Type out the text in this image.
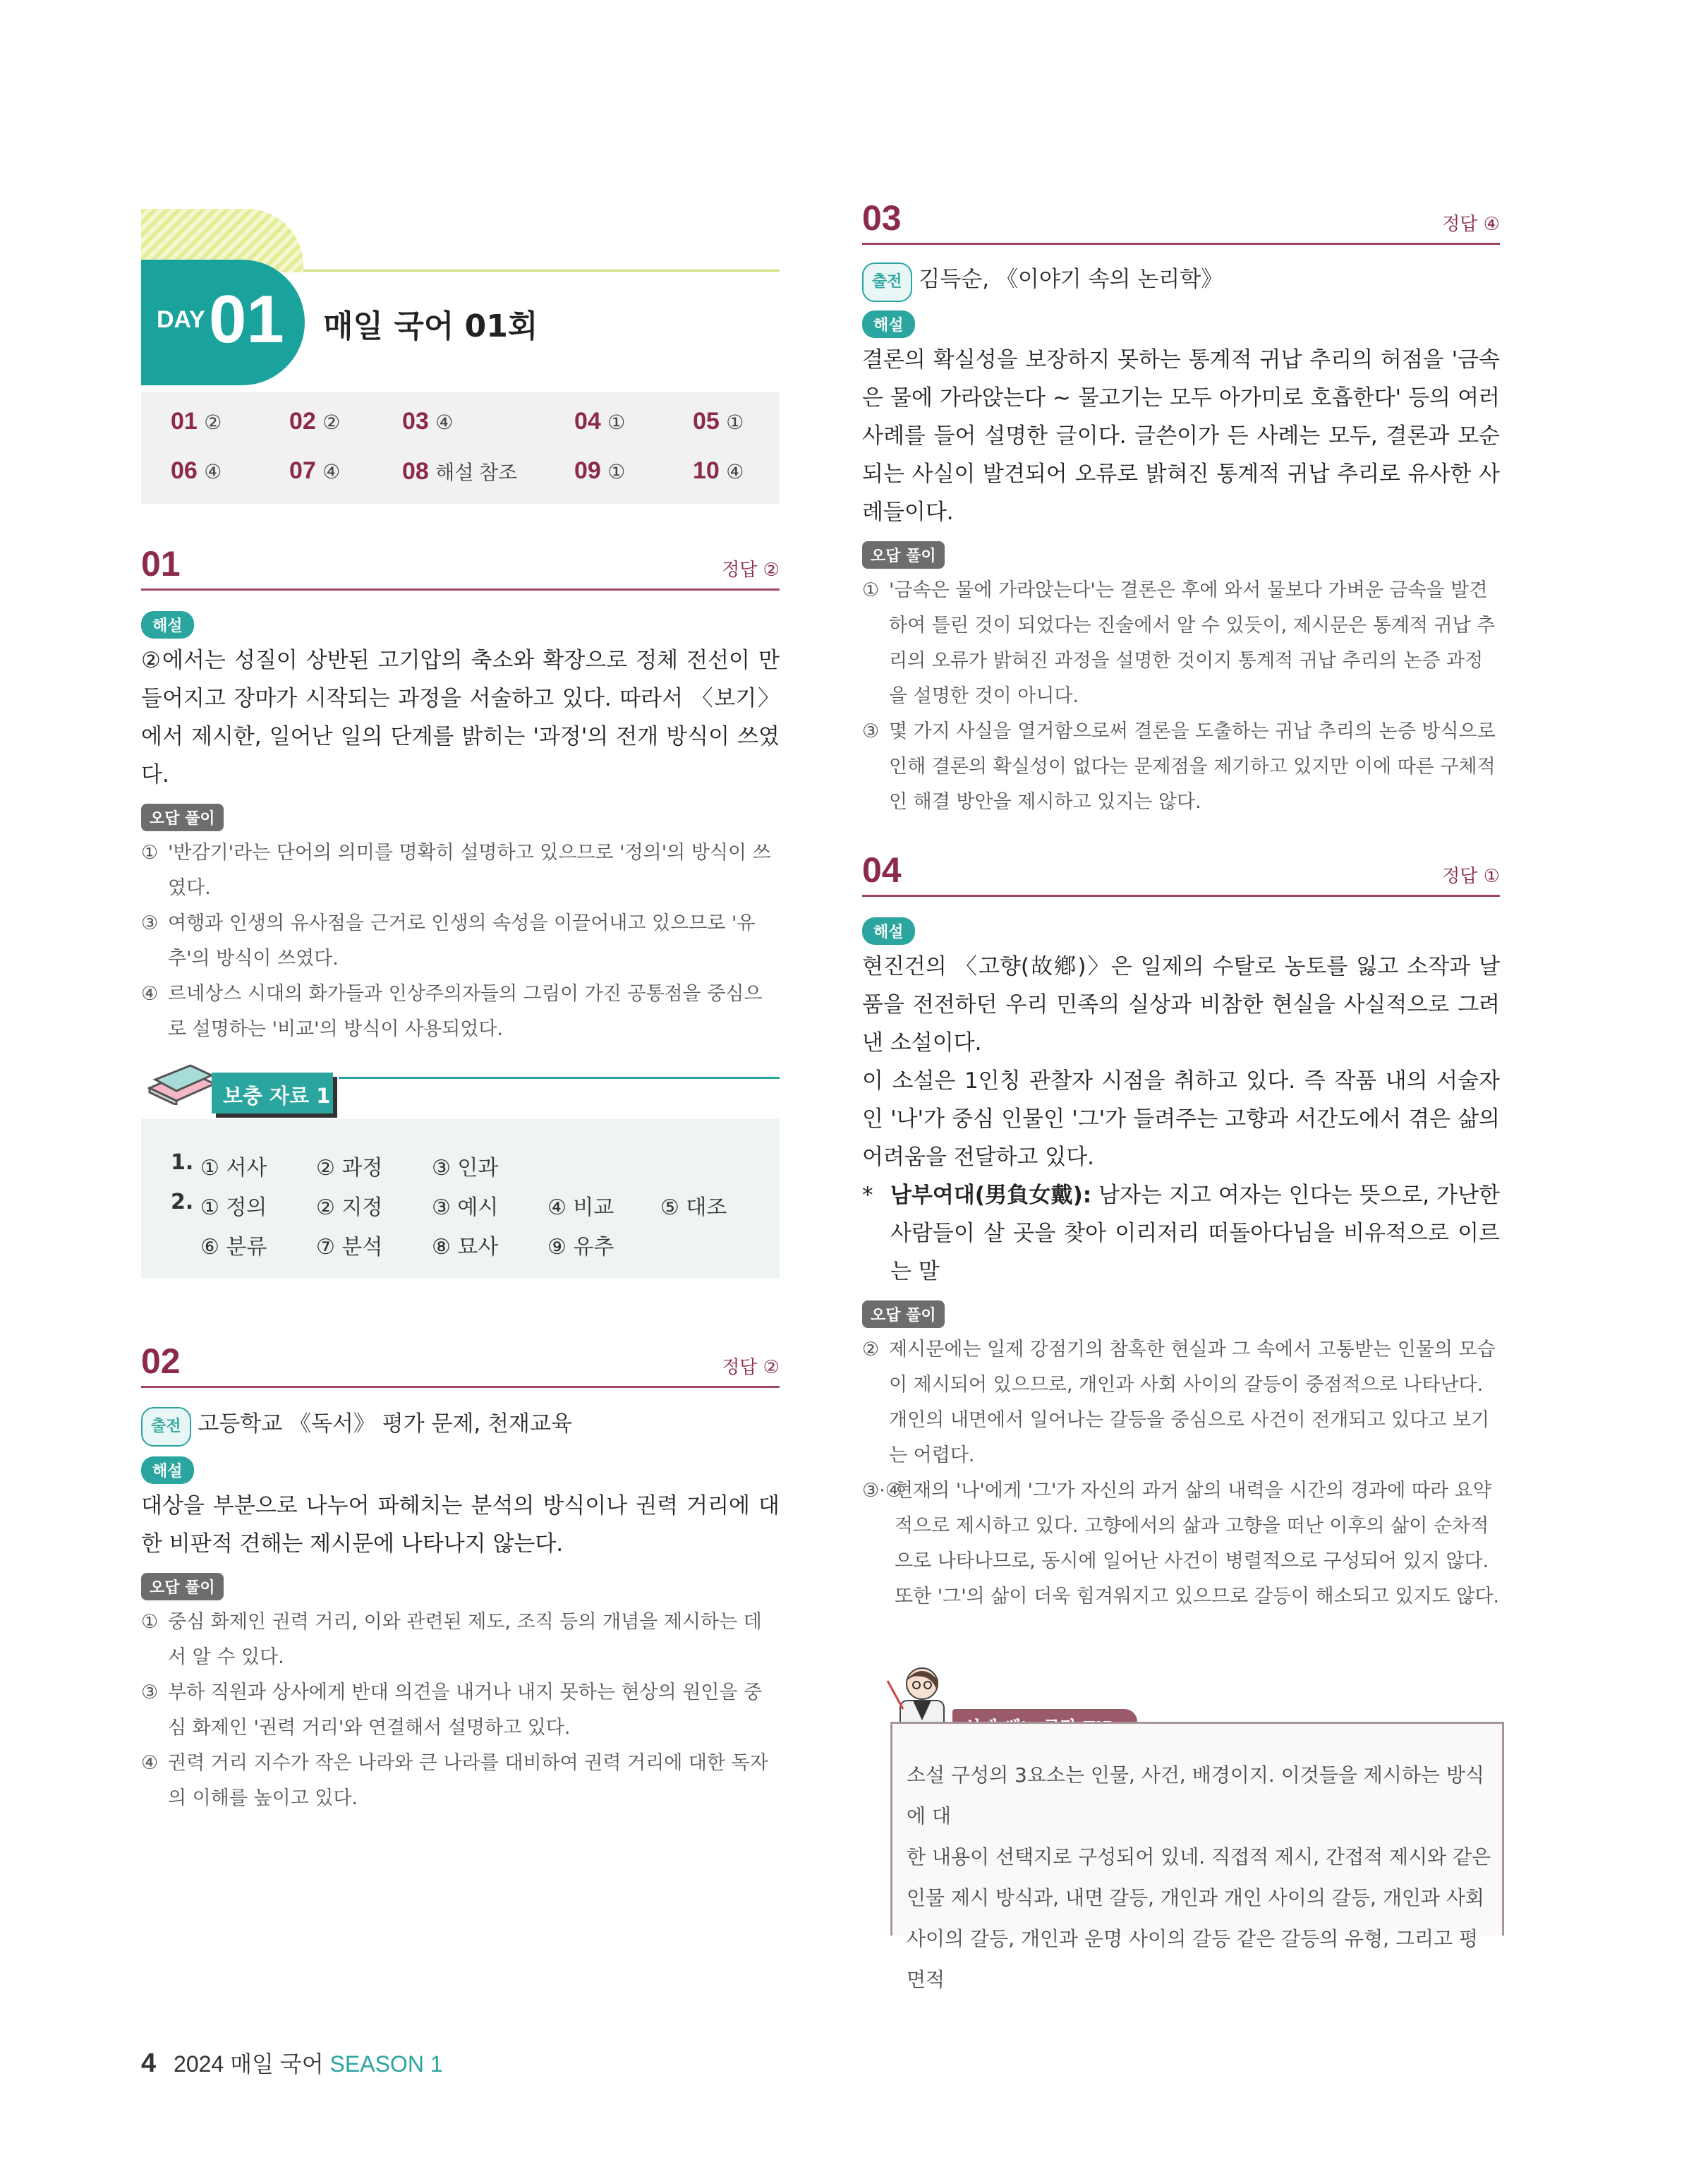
DAY 01 매일 국어 01회
01 ②	02 ②	03 ④	04 ①	05 ①
06 ④	07 ④	08 해설 참조 09 ①	10 ④
01	정답 ②
해설
②에서는 성질이 상반된 고기압의 축소와 확장으로 정체 전선이 만들어지고 장마가 시작되는 과정을 서술하고 있다. 따라서 〈보기〉에서 제시한, 일어난 일의 단계를 밝히는 '과정'의 전개 방식이 쓰였다.
오답 풀이
① '반감기'라는 단어의 의미를 명확히 설명하고 있으므로 '정의'의 방식이 쓰였다.
③ 여행과 인생의 유사점을 근거로 인생의 속성을 이끌어내고 있으므로 '유추'의 방식이 쓰였다.
④ 르네상스 시대의 화가들과 인상주의자들의 그림이 가진 공통점을 중심으로 설명하는 '비교'의 방식이 사용되었다.
보충 자료 1
1. ① 서사 ② 과정 ③ 인과
2. ① 정의 ② 지정 ③ 예시 ④ 비교 ⑤ 대조
⑥ 분류 ⑦ 분석 ⑧ 묘사 ⑨ 유추
02	정답 ②
출전 고등학교 《독서》 평가 문제, 천재교육
해설
대상을 부분으로 나누어 파헤치는 분석의 방식이나 권력 거리에 대한 비판적 견해는 제시문에 나타나지 않는다.
오답 풀이
① 중심 화제인 권력 거리, 이와 관련된 제도, 조직 등의 개념을 제시하는 데서 알 수 있다.
③ 부하 직원과 상사에게 반대 의견을 내거나 내지 못하는 현상의 원인을 중심 화제인 '권력 거리'와 연결해서 설명하고 있다.
④ 권력 거리 지수가 작은 나라와 큰 나라를 대비하여 권력 거리에 대한 독자의 이해를 높이고 있다.
03	정답 ④
출전 김득순, 《이야기 속의 논리학》
해설
결론의 확실성을 보장하지 못하는 통계적 귀납 추리의 허점을 '금속은 물에 가라앉는다 ~ 물고기는 모두 아가미로 호흡한다' 등의 여러 사례를 들어 설명한 글이다. 글쓴이가 든 사례는 모두, 결론과 모순되는 사실이 발견되어 오류로 밝혀진 통계적 귀납 추리로 유사한 사례들이다.
오답 풀이
① '금속은 물에 가라앉는다'는 결론은 후에 와서 물보다 가벼운 금속을 발견하여 틀린 것이 되었다는 진술에서 알 수 있듯이, 제시문은 통계적 귀납 추리의 오류가 밝혀진 과정을 설명한 것이지 통계적 귀납 추리의 논증 과정을 설명한 것이 아니다.
③ 몇 가지 사실을 열거함으로써 결론을 도출하는 귀납 추리의 논증 방식으로 인해 결론의 확실성이 없다는 문제점을 제기하고 있지만 이에 따른 구체적인 해결 방안을 제시하고 있지는 않다.
04	정답 ①
해설
현진건의 〈고향(故鄕)〉은 일제의 수탈로 농토를 잃고 소작과 날품을 전전하던 우리 민족의 실상과 비참한 현실을 사실적으로 그려 낸 소설이다.
이 소설은 1인칭 관찰자 시점을 취하고 있다. 즉 작품 내의 서술자인 '나'가 중심 인물인 '그'가 들려주는 고향과 서간도에서 겪은 삶의 어려움을 전달하고 있다.
* 남부여대(男負女戴): 남자는 지고 여자는 인다는 뜻으로, 가난한 사람들이 살 곳을 찾아 이리저리 떠돌아다님을 비유적으로 이르는 말
오답 풀이
② 제시문에는 일제 강점기의 참혹한 현실과 그 속에서 고통받는 인물의 모습이 제시되어 있으므로, 개인과 사회 사이의 갈등이 중점적으로 나타난다. 개인의 내면에서 일어나는 갈등을 중심으로 사건이 전개되고 있다고 보기는 어렵다.
③·④
현재의 '나'에게 '그'가 자신의 과거 삶의 내력을 시간의 경과에 따라 요약적으로 제시하고 있다. 고향에서의 삶과 고향을 떠난 이후의 삶이 순차적으로 나타나므로, 동시에 일어난 사건이 병렬적으로 구성되어 있지 않다. 또한 '그'의 삶이 더욱 힘겨워지고 있으므로 갈등이 해소되고 있지도 않다.
소설 구성의 3요소는 인물, 사건, 배경이지. 이것들을 제시하는 방식에 대
한 내용이 선택지로 구성되어 있네. 직접적 제시, 간접적 제시와 같은
인물 제시 방식과, 내면 갈등, 개인과 개인 사이의 갈등, 개인과 사회
사이의 갈등, 개인과 운명 사이의 갈등 같은 갈등의 유형, 그리고 평면적
4 2024 매일 국어 SEASON 1
